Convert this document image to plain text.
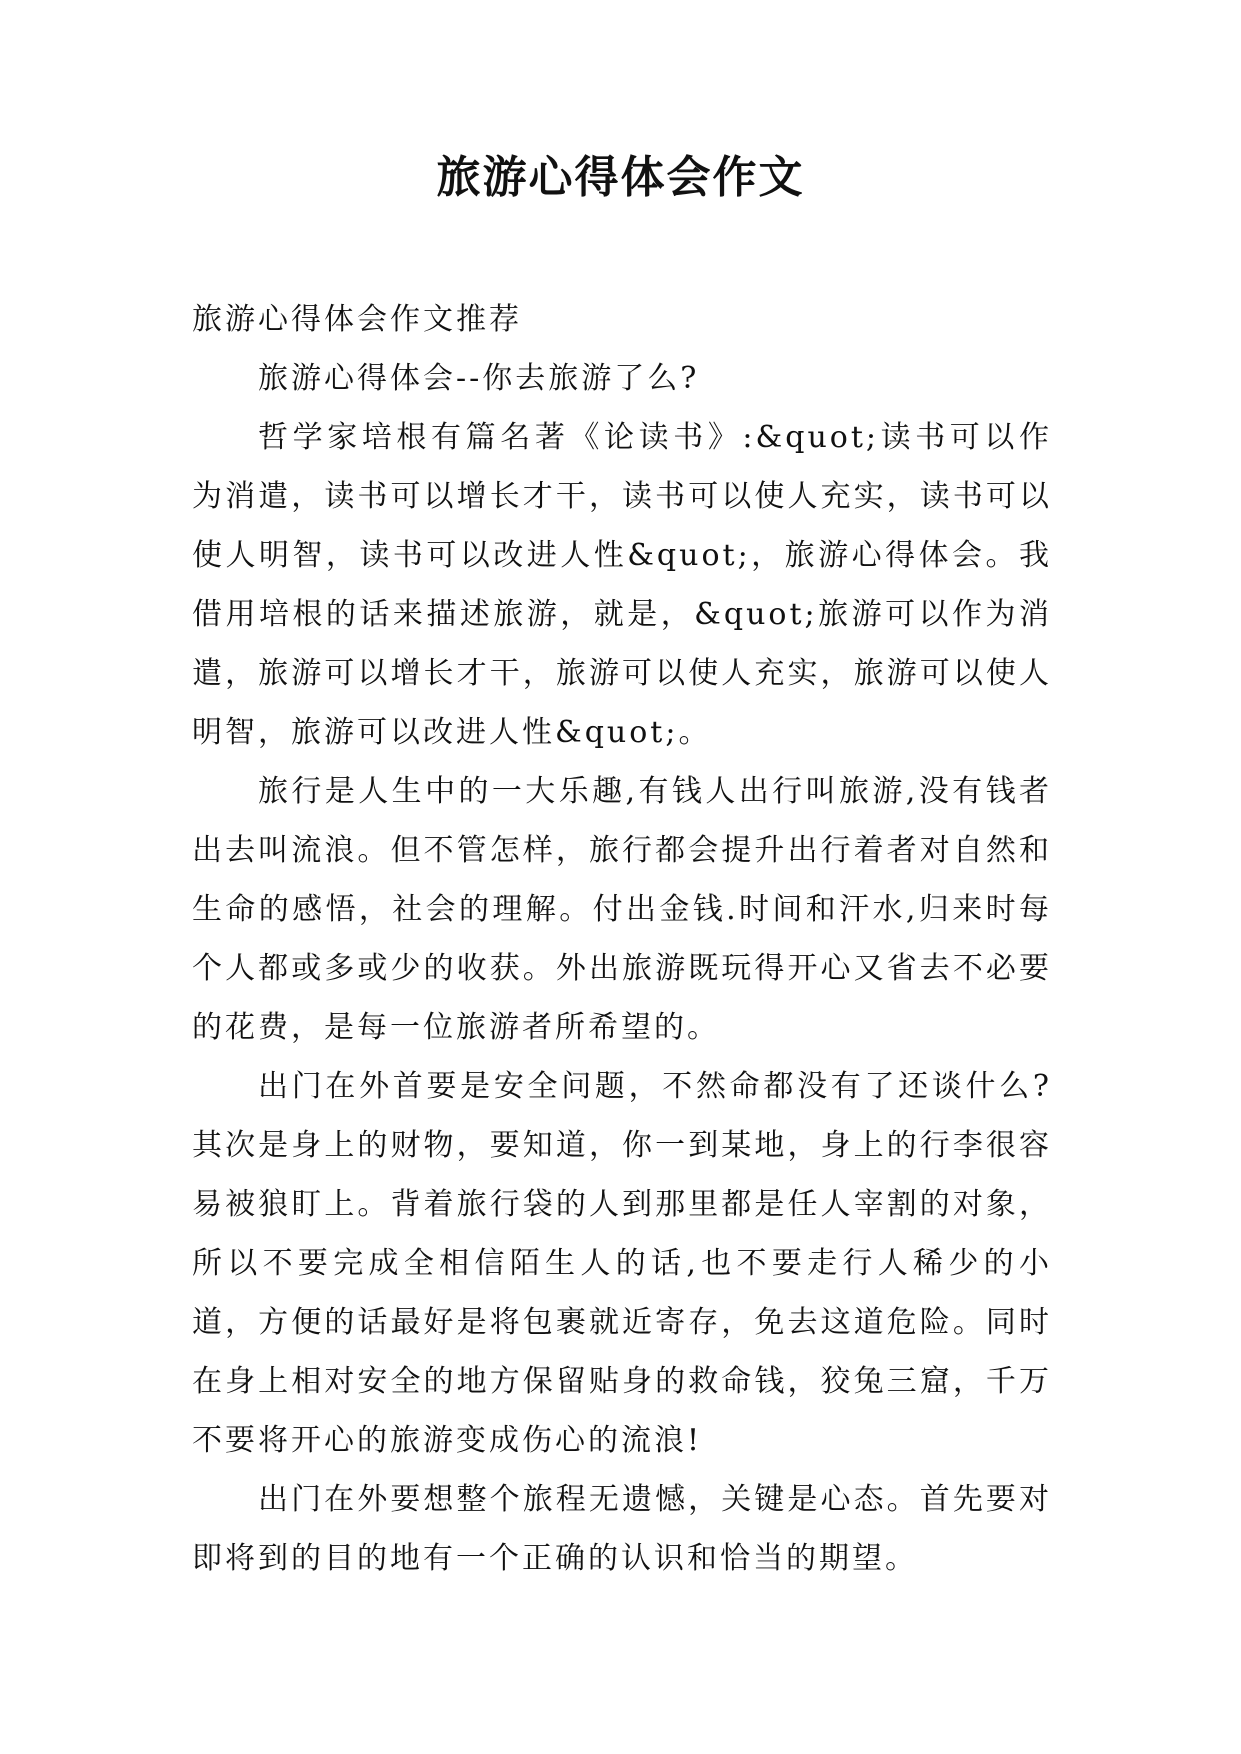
旅游心得体会作文

旅游心得体会作文推荐

旅游心得体会--你去旅游了么?

哲学家培根有篇名著《论读书》:&quot;读书可以作为消遣，读书可以增长才干，读书可以使人充实，读书可以使人明智，读书可以改进人性&quot;，旅游心得体会。我借用培根的话来描述旅游，就是，&quot;旅游可以作为消遣，旅游可以增长才干，旅游可以使人充实，旅游可以使人明智，旅游可以改进人性&quot;。

旅行是人生中的一大乐趣,有钱人出行叫旅游,没有钱者出去叫流浪。但不管怎样，旅行都会提升出行着者对自然和生命的感悟，社会的理解。付出金钱.时间和汗水,归来时每个人都或多或少的收获。外出旅游既玩得开心又省去不必要的花费，是每一位旅游者所希望的。

出门在外首要是安全问题，不然命都没有了还谈什么?其次是身上的财物，要知道，你一到某地，身上的行李很容易被狼盯上。背着旅行袋的人到那里都是任人宰割的对象，所以不要完成全相信陌生人的话,也不要走行人稀少的小道，方便的话最好是将包裹就近寄存，免去这道危险。同时在身上相对安全的地方保留贴身的救命钱，狡兔三窟，千万不要将开心的旅游变成伤心的流浪!

出门在外要想整个旅程无遗憾，关键是心态。首先要对即将到的目的地有一个正确的认识和恰当的期望。
